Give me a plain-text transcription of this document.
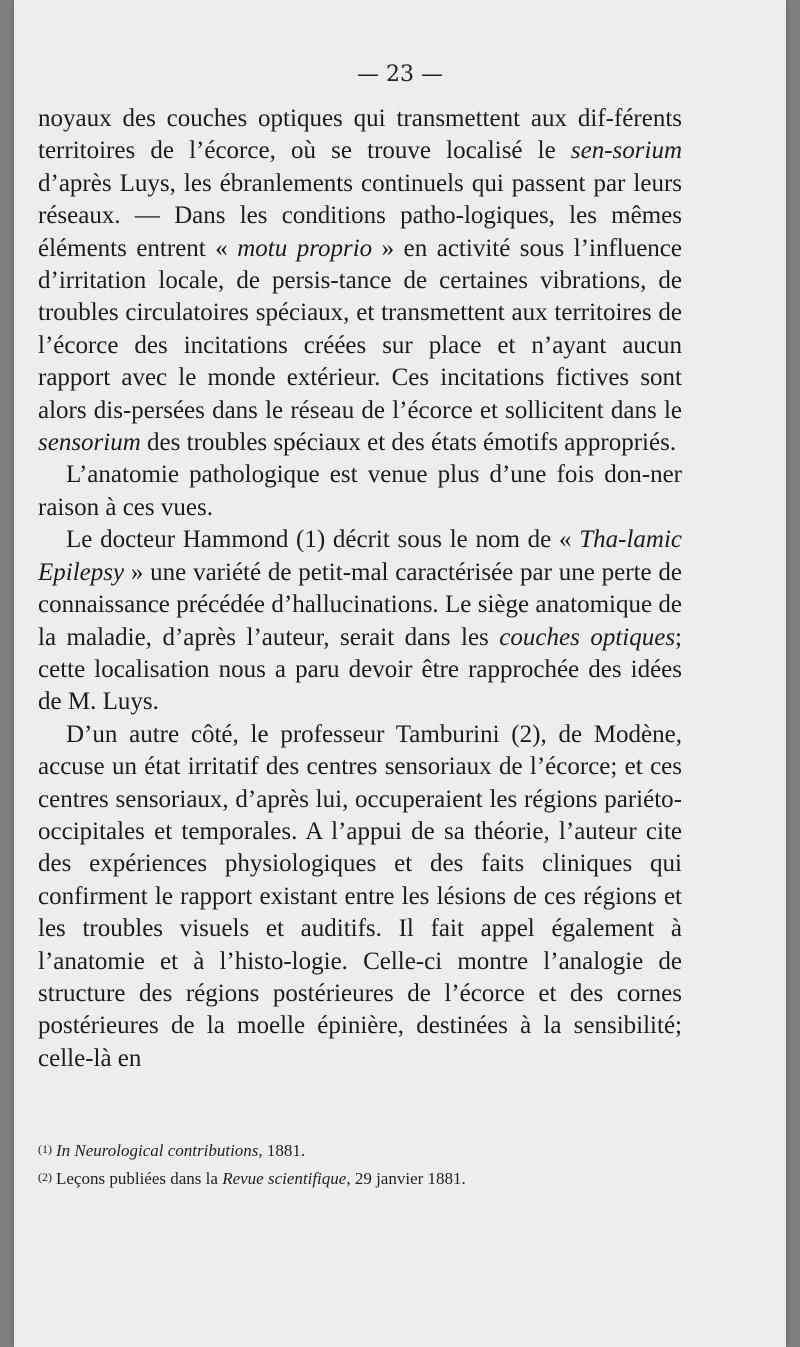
— 23 —

noyaux des couches optiques qui transmettent aux dif-férents territoires de l’écorce, où se trouve localisé le sen-sorium d’après Luys, les ébranlements continuels qui passent par leurs réseaux. — Dans les conditions patho-logiques, les mêmes éléments entrent « motu proprio » en activité sous l’influence d’irritation locale, de persis-tance de certaines vibrations, de troubles circulatoires spéciaux, et transmettent aux territoires de l’écorce des incitations créées sur place et n’ayant aucun rapport avec le monde extérieur. Ces incitations fictives sont alors dis-persées dans le réseau de l’écorce et sollicitent dans le sensorium des troubles spéciaux et des états émotifs appropriés.

L’anatomie pathologique est venue plus d’une fois don-ner raison à ces vues.

Le docteur Hammond (1) décrit sous le nom de « Tha-lamic Epilepsy » une variété de petit-mal caractérisée par une perte de connaissance précédée d’hallucinations. Le siège anatomique de la maladie, d’après l’auteur, serait dans les couches optiques; cette localisation nous a paru devoir être rapprochée des idées de M. Luys.

D’un autre côté, le professeur Tamburini (2), de Modène, accuse un état irritatif des centres sensoriaux de l’écorce; et ces centres sensoriaux, d’après lui, occuperaient les régions pariéto-occipitales et temporales. A l’appui de sa théorie, l’auteur cite des expériences physiologiques et des faits cliniques qui confirment le rapport existant entre les lésions de ces régions et les troubles visuels et auditifs. Il fait appel également à l’anatomie et à l’histo-logie. Celle-ci montre l’analogie de structure des régions postérieures de l’écorce et des cornes postérieures de la moelle épinière, destinées à la sensibilité; celle-là en

$^{(1)}$ In Neurological contributions, 1881.

$^{(2)}$ Leçons publiées dans la Revue scientifique, 29 janvier 1881.
